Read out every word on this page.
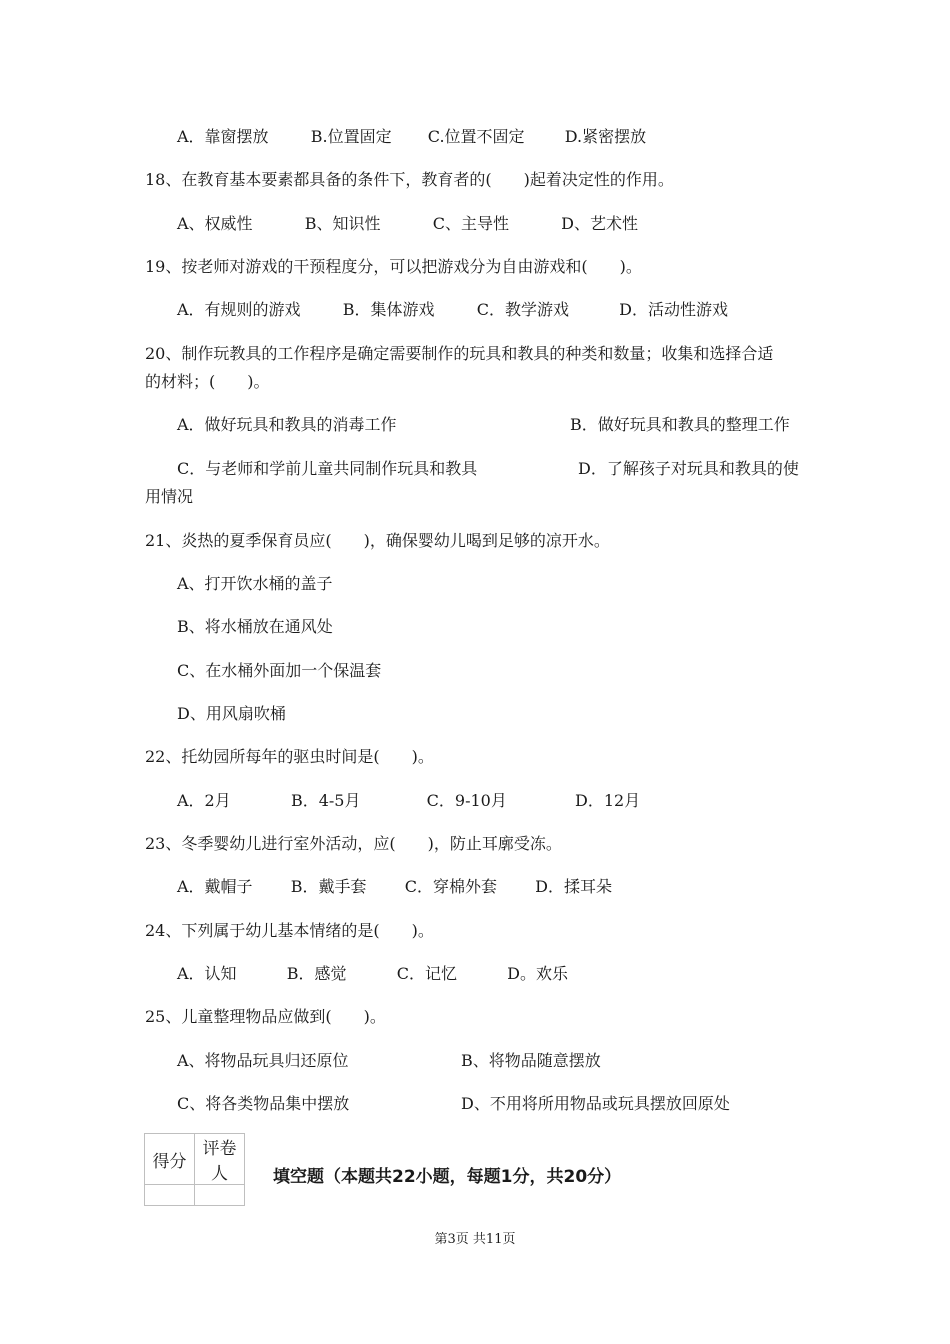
A．靠窗摆放	B.位置固定 C.位置不固定	D.紧密摆放
18、在教育基本要素都具备的条件下，教育者的(　　)起着决定性的作用。
A、权威性	B、知识性	C、主导性	D、艺术性
19、按老师对游戏的干预程度分，可以把游戏分为自由游戏和(　　)。
A．有规则的游戏	B．集体游戏	C．教学游戏	D．活动性游戏
20、制作玩教具的工作程序是确定需要制作的玩具和教具的种类和数量；收集和选择合适
的材料；(　　)。
A．做好玩具和教具的消毒工作	B．做好玩具和教具的整理工作
C．与老师和学前儿童共同制作玩具和教具	D．了解孩子对玩具和教具的使
用情况
21、炎热的夏季保育员应(　　)，确保婴幼儿喝到足够的凉开水。
A、打开饮水桶的盖子
B、将水桶放在通风处
C、在水桶外面加一个保温套
D、用风扇吹桶
22、托幼园所每年的驱虫时间是(　　)。
A．2月	B．4-5月	C．9-10月	D．12月
23、冬季婴幼儿进行室外活动，应(　　)，防止耳廓受冻。
A．戴帽子 B．戴手套 C．穿棉外套 D．揉耳朵
24、下列属于幼儿基本情绪的是(　　)。
A．认知	B．感觉	C．记忆	D。欢乐
25、儿童整理物品应做到(　　)。
A、将物品玩具归还原位	B、将物品随意摆放
C、将各类物品集中摆放	D、不用将所用物品或玩具摆放回原处
得分	评卷人
		填空题（本题共22小题，每题1分，共20分）
第3页 共11页
